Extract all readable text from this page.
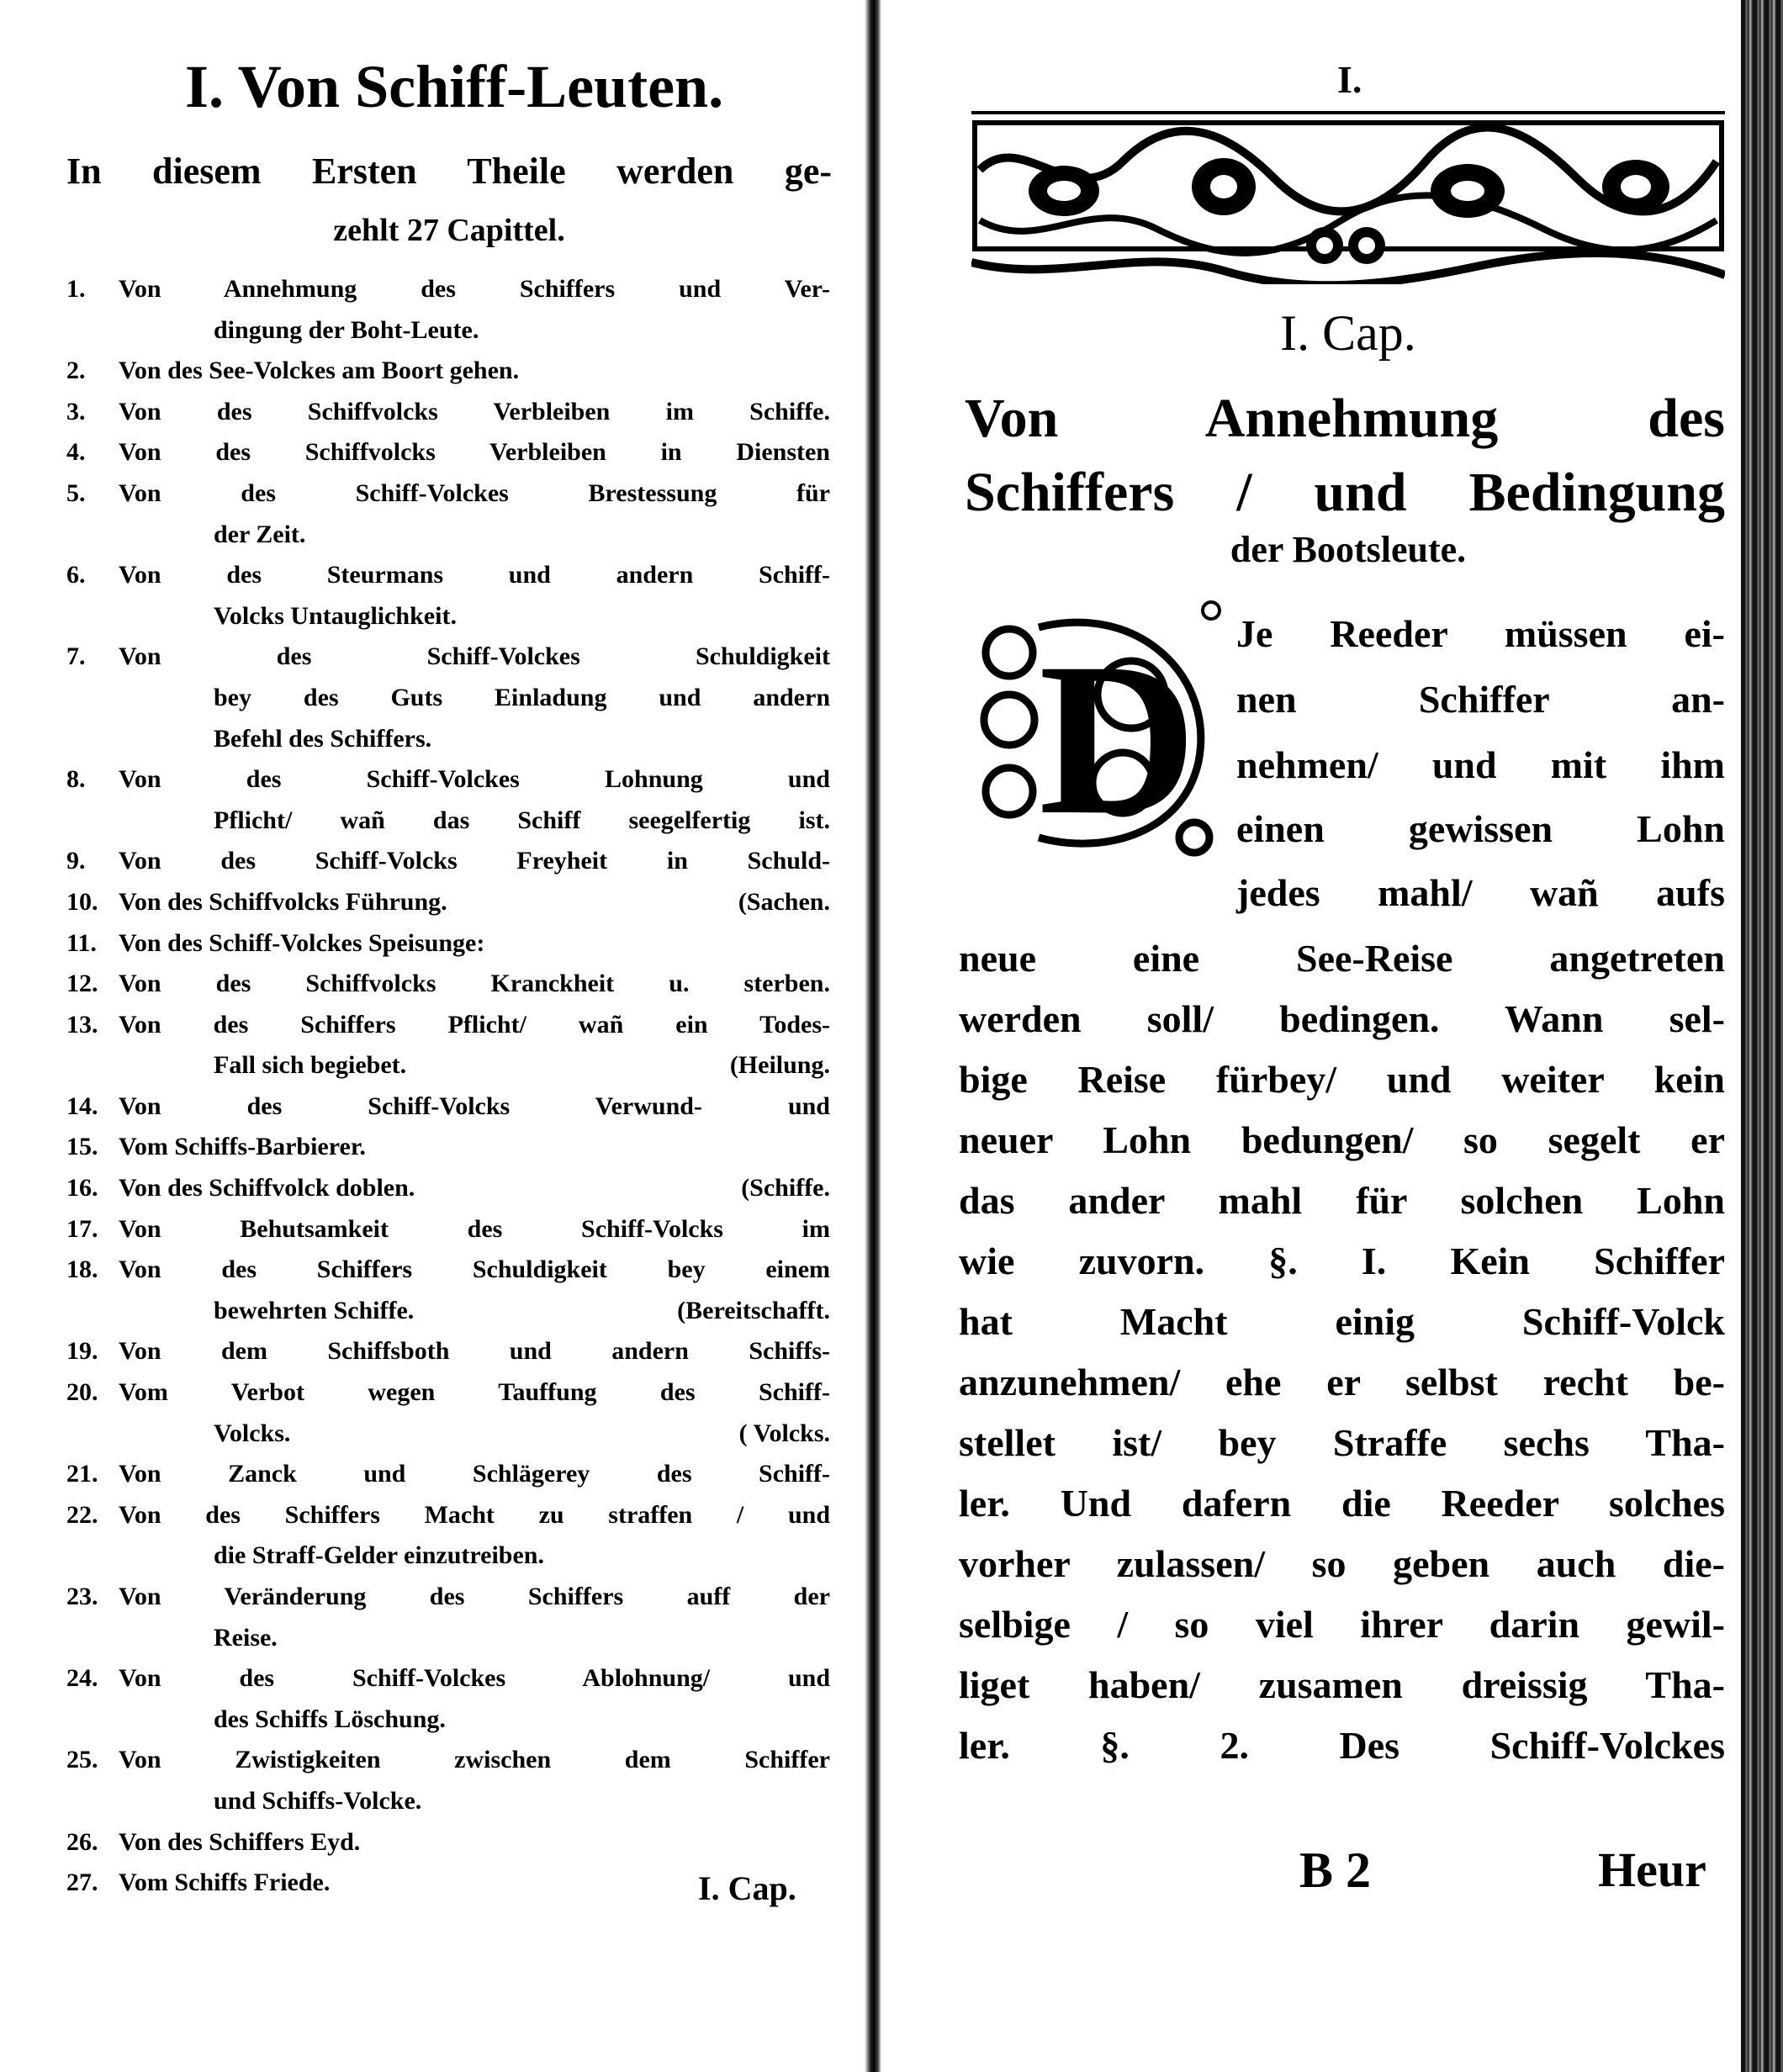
I. Von Schiff-Leuten.
In diesem Ersten Theile werden ge-
zehlt 27 Capittel.
1.	Von Annehmung des Schiffers und Ver-
dingung der Boht-Leute.
2.	Von des See-Volckes am Boort gehen.
3.	Von des Schiffvolcks Verbleiben im Schiffe.
4.	Von des Schiffvolcks Verbleiben in Diensten
5.	Von des Schiff-Volckes Brestessung für
der Zeit.
6.	Von des Steurmans und andern Schiff-
Volcks Untauglichkeit.
7.	Von des Schiff-Volckes Schuldigkeit
bey des Guts Einladung und andern
Befehl des Schiffers.
8.	Von des Schiff-Volckes Lohnung und
Pflicht/ wañ das Schiff seegelfertig ist.
9.	Von des Schiff-Volcks Freyheit in Schuld-
10. Von des Schiffvolcks Führung.	(Sachen.
11. Von des Schiff-Volckes Speisunge:
12. Von des Schiffvolcks Kranckheit u. sterben.
13. Von des Schiffers Pflicht/ wañ ein Todes-
Fall sich begiebet.	(Heilung.
14. Von des Schiff-Volcks Verwund- und
15. Vom Schiffs-Barbierer.
16. Von des Schiffvolck doblen.	(Schiffe.
17. Von Behutsamkeit des Schiff-Volcks im
18. Von des Schiffers Schuldigkeit bey einem
bewehrten Schiffe.	(Bereitschafft.
19. Von dem Schiffsboth und andern Schiffs-
20. Vom Verbot wegen Tauffung des Schiff-
Volcks.	( Volcks.
21. Von Zanck und Schlägerey des Schiff-
22. Von des Schiffers Macht zu straffen / und
die Straff-Gelder einzutreiben.
23. Von Veränderung des Schiffers auff der
Reise.
24. Von des Schiff-Volckes Ablohnung/ und
des Schiffs Löschung.
25. Von Zwistigkeiten zwischen dem Schiffer
und Schiffs-Volcke.
26. Von des Schiffers Eyd.
27. Vom Schiffs Friede.	I. Cap.
I.
I. Cap.
Von Annehmung des
Schiffers / und Bedingung
der Bootsleute.
D Je Reeder müssen ei-
nen Schiffer an-
nehmen/ und mit ihm
einen gewissen Lohn
jedes mahl/ wañ aufs
neue eine See-Reise angetreten
werden soll/ bedingen. Wann sel-
bige Reise fürbey/ und weiter kein
neuer Lohn bedungen/ so segelt er
das ander mahl für solchen Lohn
wie zuvorn. §. I. Kein Schiffer
hat Macht einig Schiff-Volck
anzunehmen/ ehe er selbst recht be-
stellet ist/ bey Straffe sechs Tha-
ler. Und dafern die Reeder solches
vorher zulassen/ so geben auch die-
selbige / so viel ihrer darin gewil-
liget haben/ zusamen dreissig Tha-
ler. §. 2. Des Schiff-Volckes
B 2	Heur
